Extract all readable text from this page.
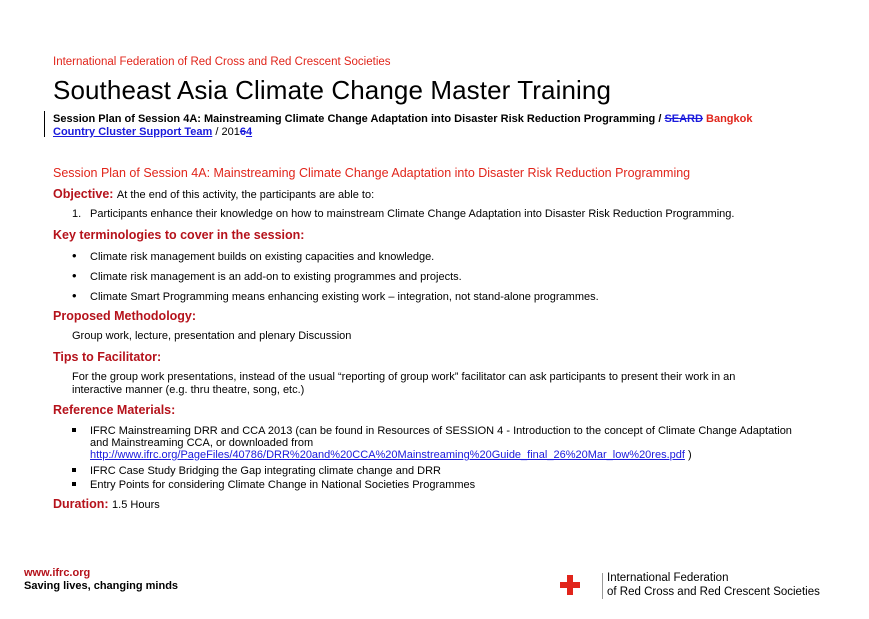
International Federation of Red Cross and Red Crescent Societies
Southeast Asia Climate Change Master Training
Session Plan of Session 4A: Mainstreaming Climate Change Adaptation into Disaster Risk Reduction Programming / SEARD Bangkok
Country Cluster Support Team / 20164
Session Plan of Session 4A: Mainstreaming Climate Change Adaptation into Disaster Risk Reduction Programming
Objective: At the end of this activity, the participants are able to:
1. Participants enhance their knowledge on how to mainstream Climate Change Adaptation into Disaster Risk Reduction Programming.
Key terminologies to cover in the session:
• Climate risk management builds on existing capacities and knowledge.
• Climate risk management is an add-on to existing programmes and projects.
• Climate Smart Programming means enhancing existing work – integration, not stand-alone programmes.
Proposed Methodology:
Group work, lecture, presentation and plenary Discussion
Tips to Facilitator:
For the group work presentations, instead of the usual “reporting of group work” facilitator can ask participants to present their work in an interactive manner (e.g. thru theatre, song, etc.)
Reference Materials:
IFRC Mainstreaming DRR and CCA 2013 (can be found in Resources of SESSION 4 - Introduction to the concept of Climate Change Adaptation and Mainstreaming CCA, or downloaded from
http://www.ifrc.org/PageFiles/40786/DRR%20and%20CCA%20Mainstreaming%20Guide_final_26%20Mar_low%20res.pdf )
IFRC Case Study Bridging the Gap integrating climate change and DRR
Entry Points for considering Climate Change in National Societies Programmes
Duration: 1.5 Hours
www.ifrc.org
Saving lives, changing minds
International Federation
of Red Cross and Red Crescent Societies
